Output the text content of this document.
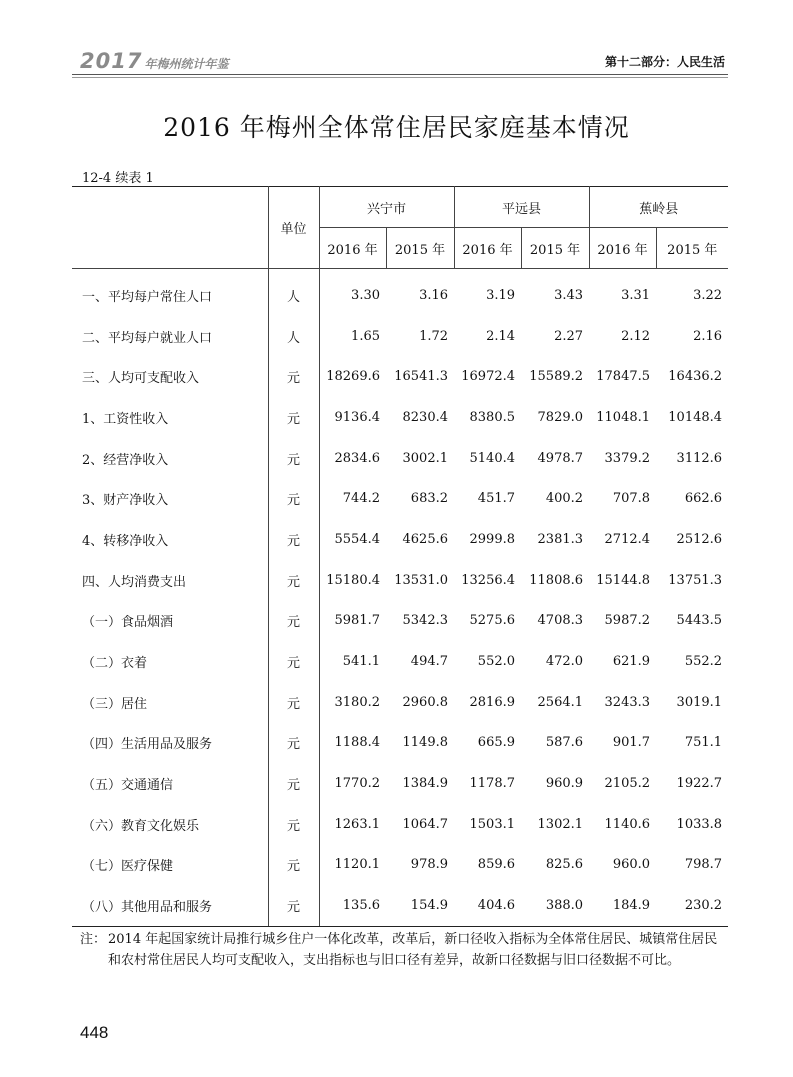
2017 年梅州统计年鉴	第十二部分：人民生活
2016 年梅州全体常住居民家庭基本情况
12-4 续表 1
	单位	兴宁市		平远县		蕉岭县	
		2016 年	2015 年	2016 年	2015 年	2016 年	2015 年
一、平均每户常住人口	人	3.30	3.16	3.19	3.43	3.31	3.22
二、平均每户就业人口	人	1.65	1.72	2.14	2.27	2.12	2.16
三、人均可支配收入	元	18269.6	16541.3	16972.4	15589.2	17847.5	16436.2
1、工资性收入	元	9136.4	8230.4	8380.5	7829.0	11048.1	10148.4
2、经营净收入	元	2834.6	3002.1	5140.4	4978.7	3379.2	3112.6
3、财产净收入	元	744.2	683.2	451.7	400.2	707.8	662.6
4、转移净收入	元	5554.4	4625.6	2999.8	2381.3	2712.4	2512.6
四、人均消费支出	元	15180.4	13531.0	13256.4	11808.6	15144.8	13751.3
（一）食品烟酒	元	5981.7	5342.3	5275.6	4708.3	5987.2	5443.5
（二）衣着	元	541.1	494.7	552.0	472.0	621.9	552.2
（三）居住	元	3180.2	2960.8	2816.9	2564.1	3243.3	3019.1
（四）生活用品及服务	元	1188.4	1149.8	665.9	587.6	901.7	751.1
（五）交通通信	元	1770.2	1384.9	1178.7	960.9	2105.2	1922.7
（六）教育文化娱乐	元	1263.1	1064.7	1503.1	1302.1	1140.6	1033.8
（七）医疗保健	元	1120.1	978.9	859.6	825.6	960.0	798.7
（八）其他用品和服务	元	135.6	154.9	404.6	388.0	184.9	230.2
注： 2014 年起国家统计局推行城乡住户一体化改革，改革后，新口径收入指标为全体常住居民、城镇常住居民和农村常住居民人均可支配收入，支出指标也与旧口径有差异，故新口径数据与旧口径数据不可比。
448
